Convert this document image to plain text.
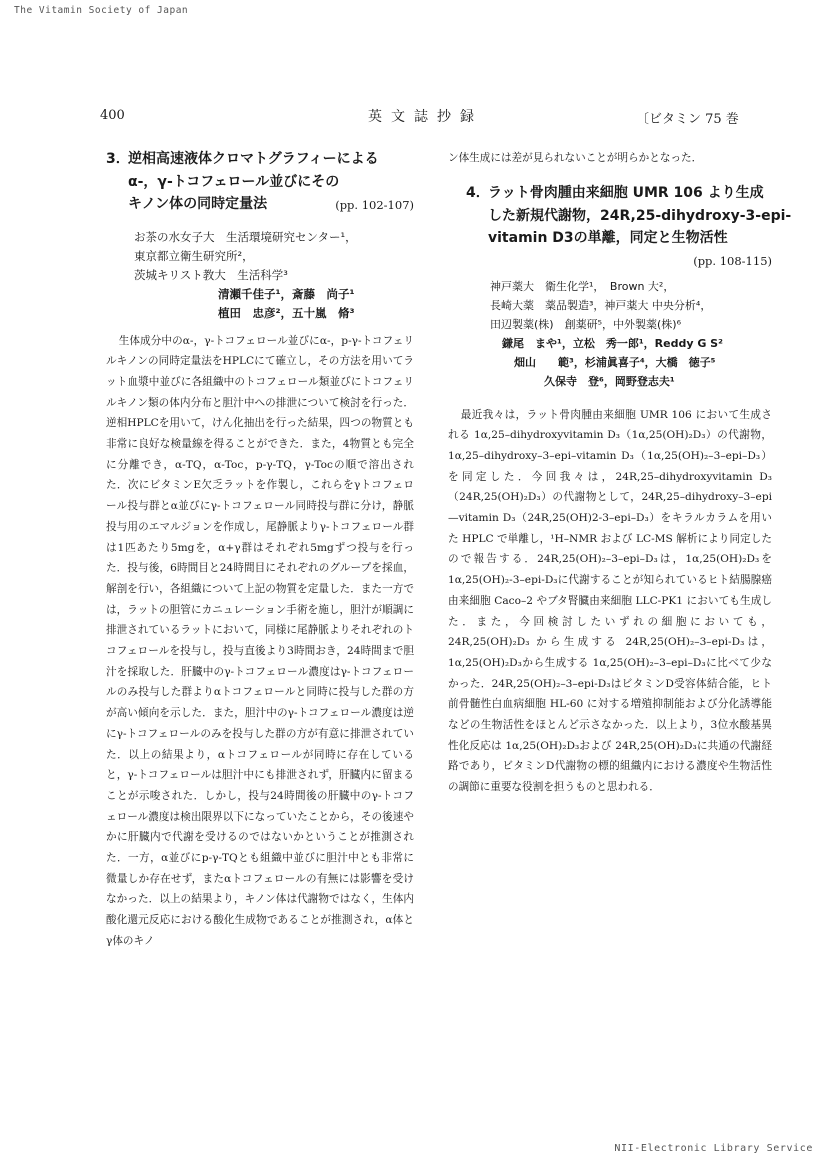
The Vitamin Society of Japan
400	英文誌抄録	〔ビタミン 75 巻
3．
逆相高速液体クロマトグラフィーによる
α-，γ-トコフェロール並びにその
キノン体の同時定量法	(pp. 102-107)
お茶の水女子大　生活環境研究センター¹，
東京都立衛生研究所²，
茨城キリスト教大　生活科学³
清瀬千佳子¹，斎藤　尚子¹
植田　忠彦²，五十嵐　脩³

生体成分中のα-，γ-トコフェロール並びにα-，p-γ-トコフェリルキノンの同時定量法をHPLCにて確立し，その方法を用いてラット血漿中並びに各組織中のトコフェロール類並びにトコフェリルキノン類の体内分布と胆汁中への排泄について検討を行った．逆相HPLCを用いて，けん化抽出を行った結果，四つの物質とも非常に良好な検量線を得ることができた．また，4物質とも完全に分離でき，α-TQ，α-Toc，p-γ-TQ，γ-Tocの順で溶出された．次にビタミンE欠乏ラットを作製し，これらをγトコフェロール投与群とα並びにγ-トコフェロール同時投与群に分け，静脈投与用のエマルジョンを作成し，尾静脈よりγ-トコフェロール群は1匹あたり5mgを，α+γ群はそれぞれ5mgずつ投与を行った．投与後，6時間目と24時間目にそれぞれのグループを採血，解剖を行い，各組織について上記の物質を定量した．また一方では，ラットの胆管にカニュレーション手術を施し，胆汁が順調に排泄されているラットにおいて，同様に尾静脈よりそれぞれのトコフェロールを投与し，投与直後より3時間おき，24時間まで胆汁を採取した．肝臓中のγ-トコフェロール濃度はγ-トコフェロールのみ投与した群よりαトコフェロールと同時に投与した群の方が高い傾向を示した．また，胆汁中のγ-トコフェロール濃度は逆にγ-トコフェロールのみを投与した群の方が有意に排泄されていた．以上の結果より，αトコフェロールが同時に存在していると，γ-トコフェロールは胆汁中にも排泄されず，肝臓内に留まることが示唆された．しかし，投与24時間後の肝臓中のγ-トコフェロール濃度は検出限界以下になっていたことから，その後速やかに肝臓内で代謝を受けるのではないかということが推測された．一方，α並びにp-γ-TQとも組織中並びに胆汁中とも非常に微量しか存在せず，またαトコフェロールの有無には影響を受けなかった．以上の結果より，キノン体は代謝物ではなく，生体内酸化還元反応における酸化生成物であることが推測され，α体とγ体のキノ

ン体生成には差が見られないことが明らかとなった．

4．
ラット骨肉腫由来細胞 UMR 106 より生成
した新規代謝物，24R,25-dihydroxy-3-epi-
vitamin D3の単離，同定と生物活性
(pp. 108-115)
神戸薬大　衛生化学¹，　Brown 大²，
長崎大薬　薬品製造³，神戸薬大 中央分析⁴，
田辺製薬(株)　創薬研⁵，中外製薬(株)⁶
鎌尾　まや¹，立松　秀一郎¹，Reddy G S²
畑山　　範³，杉浦眞喜子⁴，大橋　徳子⁵
久保寺　登⁶，岡野登志夫¹

最近我々は，ラット骨肉腫由来細胞 UMR 106 において生成される 1α,25–dihydroxyvitamin D₃（1α,25(OH)₂D₃）の代謝物，1α,25–dihydroxy–3–epi–vitamin D₃（1α,25(OH)₂–3–epi–D₃）を同定した．今回我々は，24R,25–dihydroxyvitamin D₃（24R,25(OH)₂D₃）の代謝物として，24R,25–dihydroxy–3–epi—vitamin D₃（24R,25(OH)2-3–epi–D₃）をキラルカラムを用いた HPLC で単離し，¹H–NMR および LC-MS 解析により同定したので報告する．24R,25(OH)₂–3–epi–D₃は，1α,25(OH)₂D₃を1α,25(OH)₂-3–epi-D₃に代謝することが知られているヒト結腸腺癌由来細胞 Caco–2 やブタ腎臓由来細胞 LLC-PK1 においても生成した．また，今回検討したいずれの細胞においても，24R,25(OH)₂D₃ から生成する 24R,25(OH)₂–3–epi-D₃は，1α,25(OH)₂D₃から生成する 1α,25(OH)₂–3–epi–D₃に比べて少なかった．24R,25(OH)₂–3–epi-D₃はビタミンD受容体結合能，ヒト前骨髄性白血病細胞 HL-60 に対する増殖抑制能および分化誘導能などの生物活性をほとんど示さなかった．以上より，3位水酸基異性化反応は 1α,25(OH)₂D₃および 24R,25(OH)₂D₃に共通の代謝経路であり，ビタミンD代謝物の標的組織内における濃度や生物活性の調節に重要な役割を担うものと思われる．

NII-Electronic Library Service
